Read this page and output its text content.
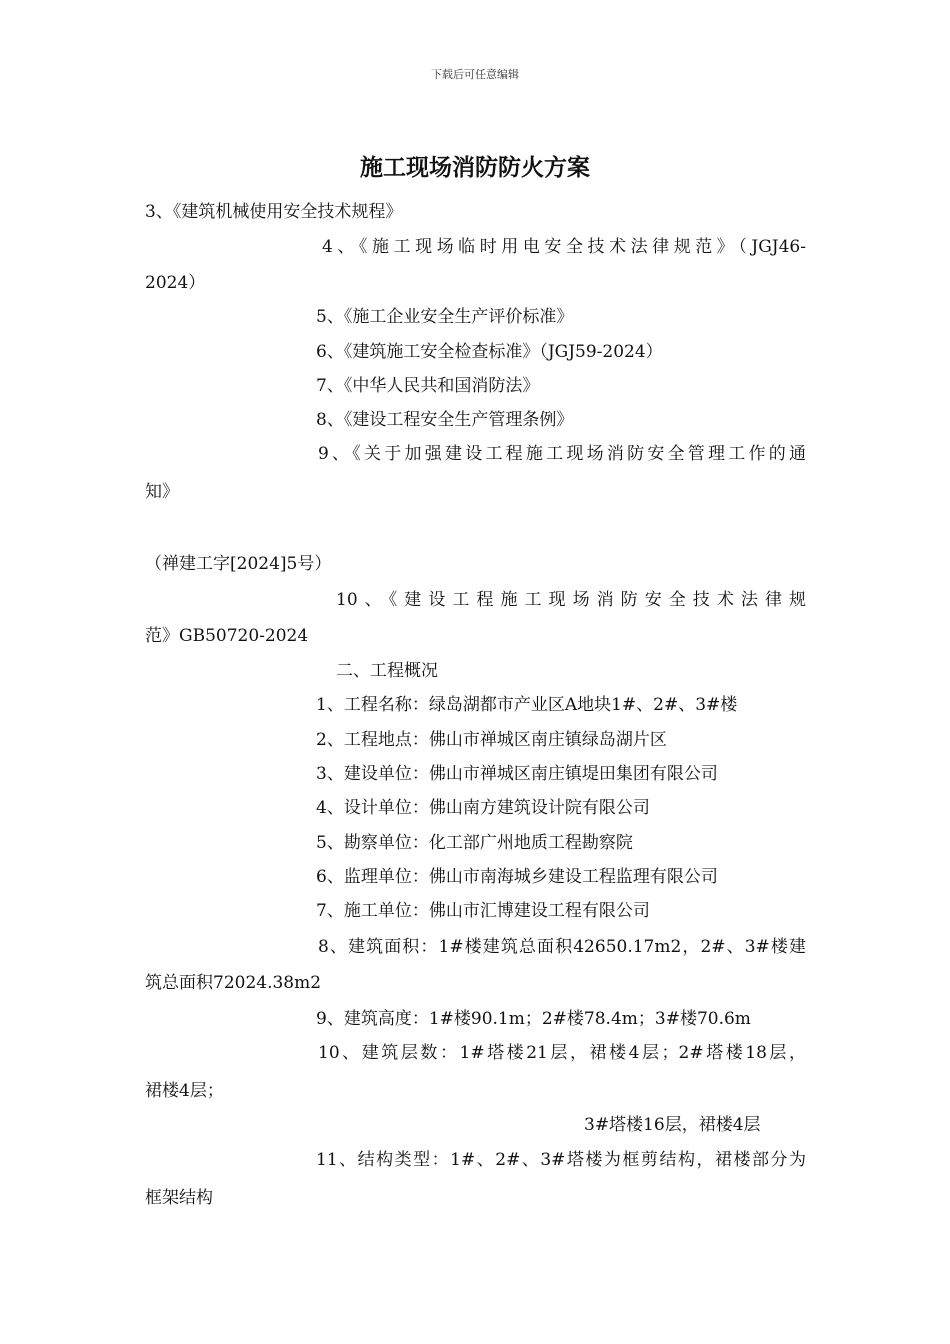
下载后可任意编辑
施工现场消防防火方案
3、《建筑机械使用安全技术规程》
4、《施工现场临时用电安全技术法律规范》（JGJ46-
2024）
5、《施工企业安全生产评价标准》
6、《建筑施工安全检查标准》（JGJ59-2024）
7、《中华人民共和国消防法》
8、《建设工程安全生产管理条例》
9、《关于加强建设工程施工现场消防安全管理工作的通
知》
（禅建工字[2024]5号）
10、《建设工程施工现场消防安全技术法律规
范》GB50720-2024
二、工程概况
1、工程名称：绿岛湖都市产业区A地块1#、2#、3#楼
2、工程地点：佛山市禅城区南庄镇绿岛湖片区
3、建设单位：佛山市禅城区南庄镇堤田集团有限公司
4、设计单位：佛山南方建筑设计院有限公司
5、勘察单位：化工部广州地质工程勘察院
6、监理单位：佛山市南海城乡建设工程监理有限公司
7、施工单位：佛山市汇博建设工程有限公司
8、建筑面积：1#楼建筑总面积42650.17m2，2#、3#楼建
筑总面积72024.38m2
9、建筑高度：1#楼90.1m；2#楼78.4m；3#楼70.6m
10、建筑层数：1#塔楼21层，裙楼4层；2#塔楼18层，
裙楼4层；
3#塔楼16层，裙楼4层
11、结构类型：1#、2#、3#塔楼为框剪结构，裙楼部分为
框架结构
